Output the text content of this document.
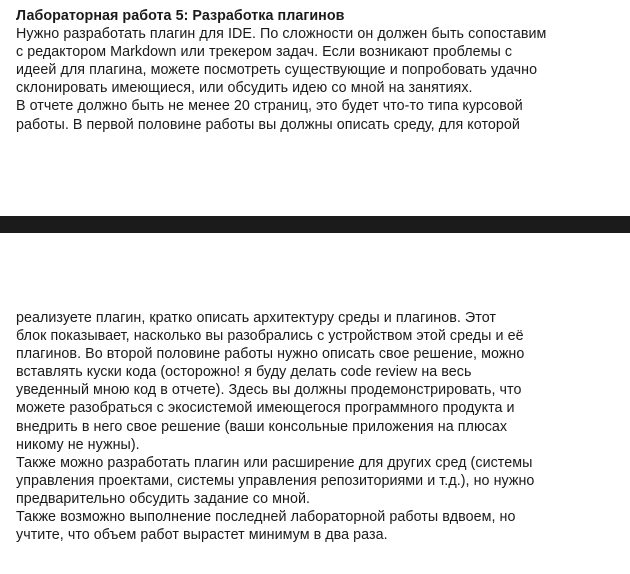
Лабораторная работа 5: Разработка плагинов
Нужно разработать плагин для IDE. По сложности он должен быть сопоставим
с редактором Markdown или трекером задач. Если возникают проблемы с
идеей для плагина, можете посмотреть существующие и попробовать удачно
склонировать имеющиеся, или обсудить идею со мной на занятиях.
В отчете должно быть не менее 20 страниц, это будет что-то типа курсовой
работы. В первой половине работы вы должны описать среду, для которой
реализуете плагин, кратко описать архитектуру среды и плагинов. Этот
блок показывает, насколько вы разобрались с устройством этой среды и её
плагинов. Во второй половине работы нужно описать свое решение, можно
вставлять куски кода (осторожно! я буду делать code review на весь
уведенный мною код в отчете). Здесь вы должны продемонстрировать, что
можете разобраться с экосистемой имеющегося программного продукта и
внедрить в него свое решение (ваши консольные приложения на плюсах
никому не нужны).
Также можно разработать плагин или расширение для других сред (системы
управления проектами, системы управления репозиториями и т.д.), но нужно
предварительно обсудить задание со мной.
Также возможно выполнение последней лабораторной работы вдвоем, но
учтите, что объем работ вырастет минимум в два раза.
